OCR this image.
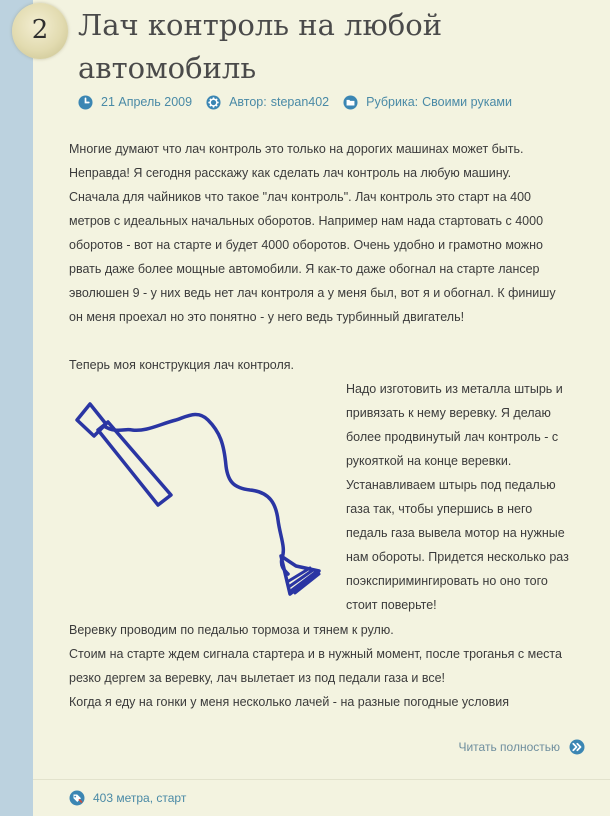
2 Лач контроль на любой автомобиль
21 Апрель 2009	Автор: stepan402	Рубрика: Своими руками

Многие думают что лач контроль это только на дорогих машинах может быть.

Неправда! Я сегодня расскажу как сделать лач контроль на любую машину.

Сначала для чайников что такое "лач контроль". Лач контроль это старт на 400

метров с идеальных начальных оборотов. Например нам нада стартовать с 4000

оборотов - вот на старте и будет 4000 оборотов. Очень удобно и грамотно можно

рвать даже более мощные автомобили. Я как-то даже обогнал на старте лансер

эволюшен 9 - у них ведь нет лач контроля а у меня был, вот я и обогнал. К финишу

он меня проехал но это понятно - у него ведь турбинный двигатель!

Теперь моя конструкция лач контроля.

Надо изготовить из металла штырь и

привязать к нему веревку. Я делаю

более продвинутый лач контроль - с

рукояткой на конце веревки.

Устанавливаем штырь под педалью

газа так, чтобы упершись в него

педаль газа вывела мотор на нужные

нам обороты. Придется несколько раз

поэкспиримингировать но оно того

стоит поверьте!

Веревку проводим по педалью тормоза и тянем к рулю.

Стоим на старте ждем сигнала стартера и в нужный момент, после троганья с места

резко дергем за веревку, лач вылетает из под педали газа и все!

Когда я еду на гонки у меня несколько лачей - на разные погодные условия

Читать полностью
403 метра, старт
